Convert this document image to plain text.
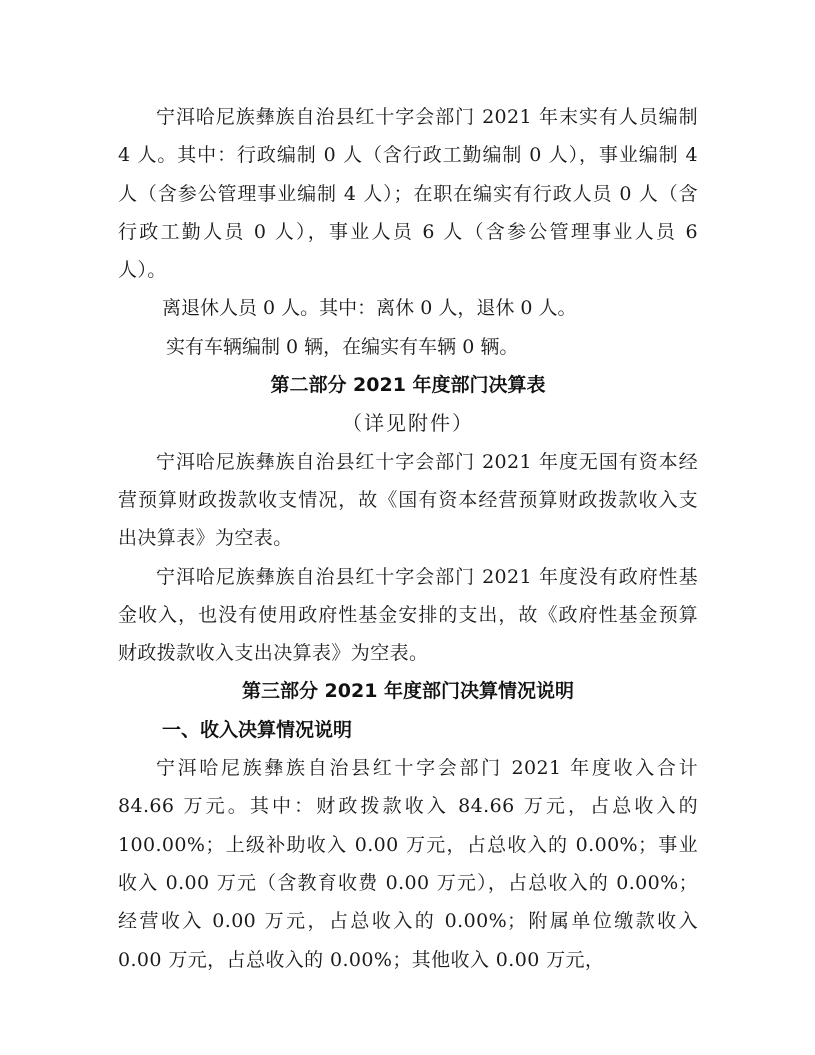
宁洱哈尼族彝族自治县红十字会部门 2021 年末实有人员编制 4 人。其中：行政编制 0 人（含行政工勤编制 0 人），事业编制 4 人（含参公管理事业编制 4 人）；在职在编实有行政人员 0 人（含行政工勤人员 0 人），事业人员 6 人（含参公管理事业人员 6 人）。

离退休人员 0 人。其中：离休 0 人，退休 0 人。

实有车辆编制 0 辆，在编实有车辆 0 辆。

第二部分 2021 年度部门决算表

（详见附件）

宁洱哈尼族彝族自治县红十字会部门 2021 年度无国有资本经营预算财政拨款收支情况，故《国有资本经营预算财政拨款收入支出决算表》为空表。

宁洱哈尼族彝族自治县红十字会部门 2021 年度没有政府性基金收入，也没有使用政府性基金安排的支出，故《政府性基金预算财政拨款收入支出决算表》为空表。

第三部分 2021 年度部门决算情况说明

一、收入决算情况说明

宁洱哈尼族彝族自治县红十字会部门 2021 年度收入合计 84.66 万元。其中：财政拨款收入 84.66 万元，占总收入的 100.00%；上级补助收入 0.00 万元，占总收入的 0.00%；事业收入 0.00 万元（含教育收费 0.00 万元），占总收入的 0.00%；经营收入 0.00 万元，占总收入的 0.00%；附属单位缴款收入 0.00 万元，占总收入的 0.00%；其他收入 0.00 万元，
